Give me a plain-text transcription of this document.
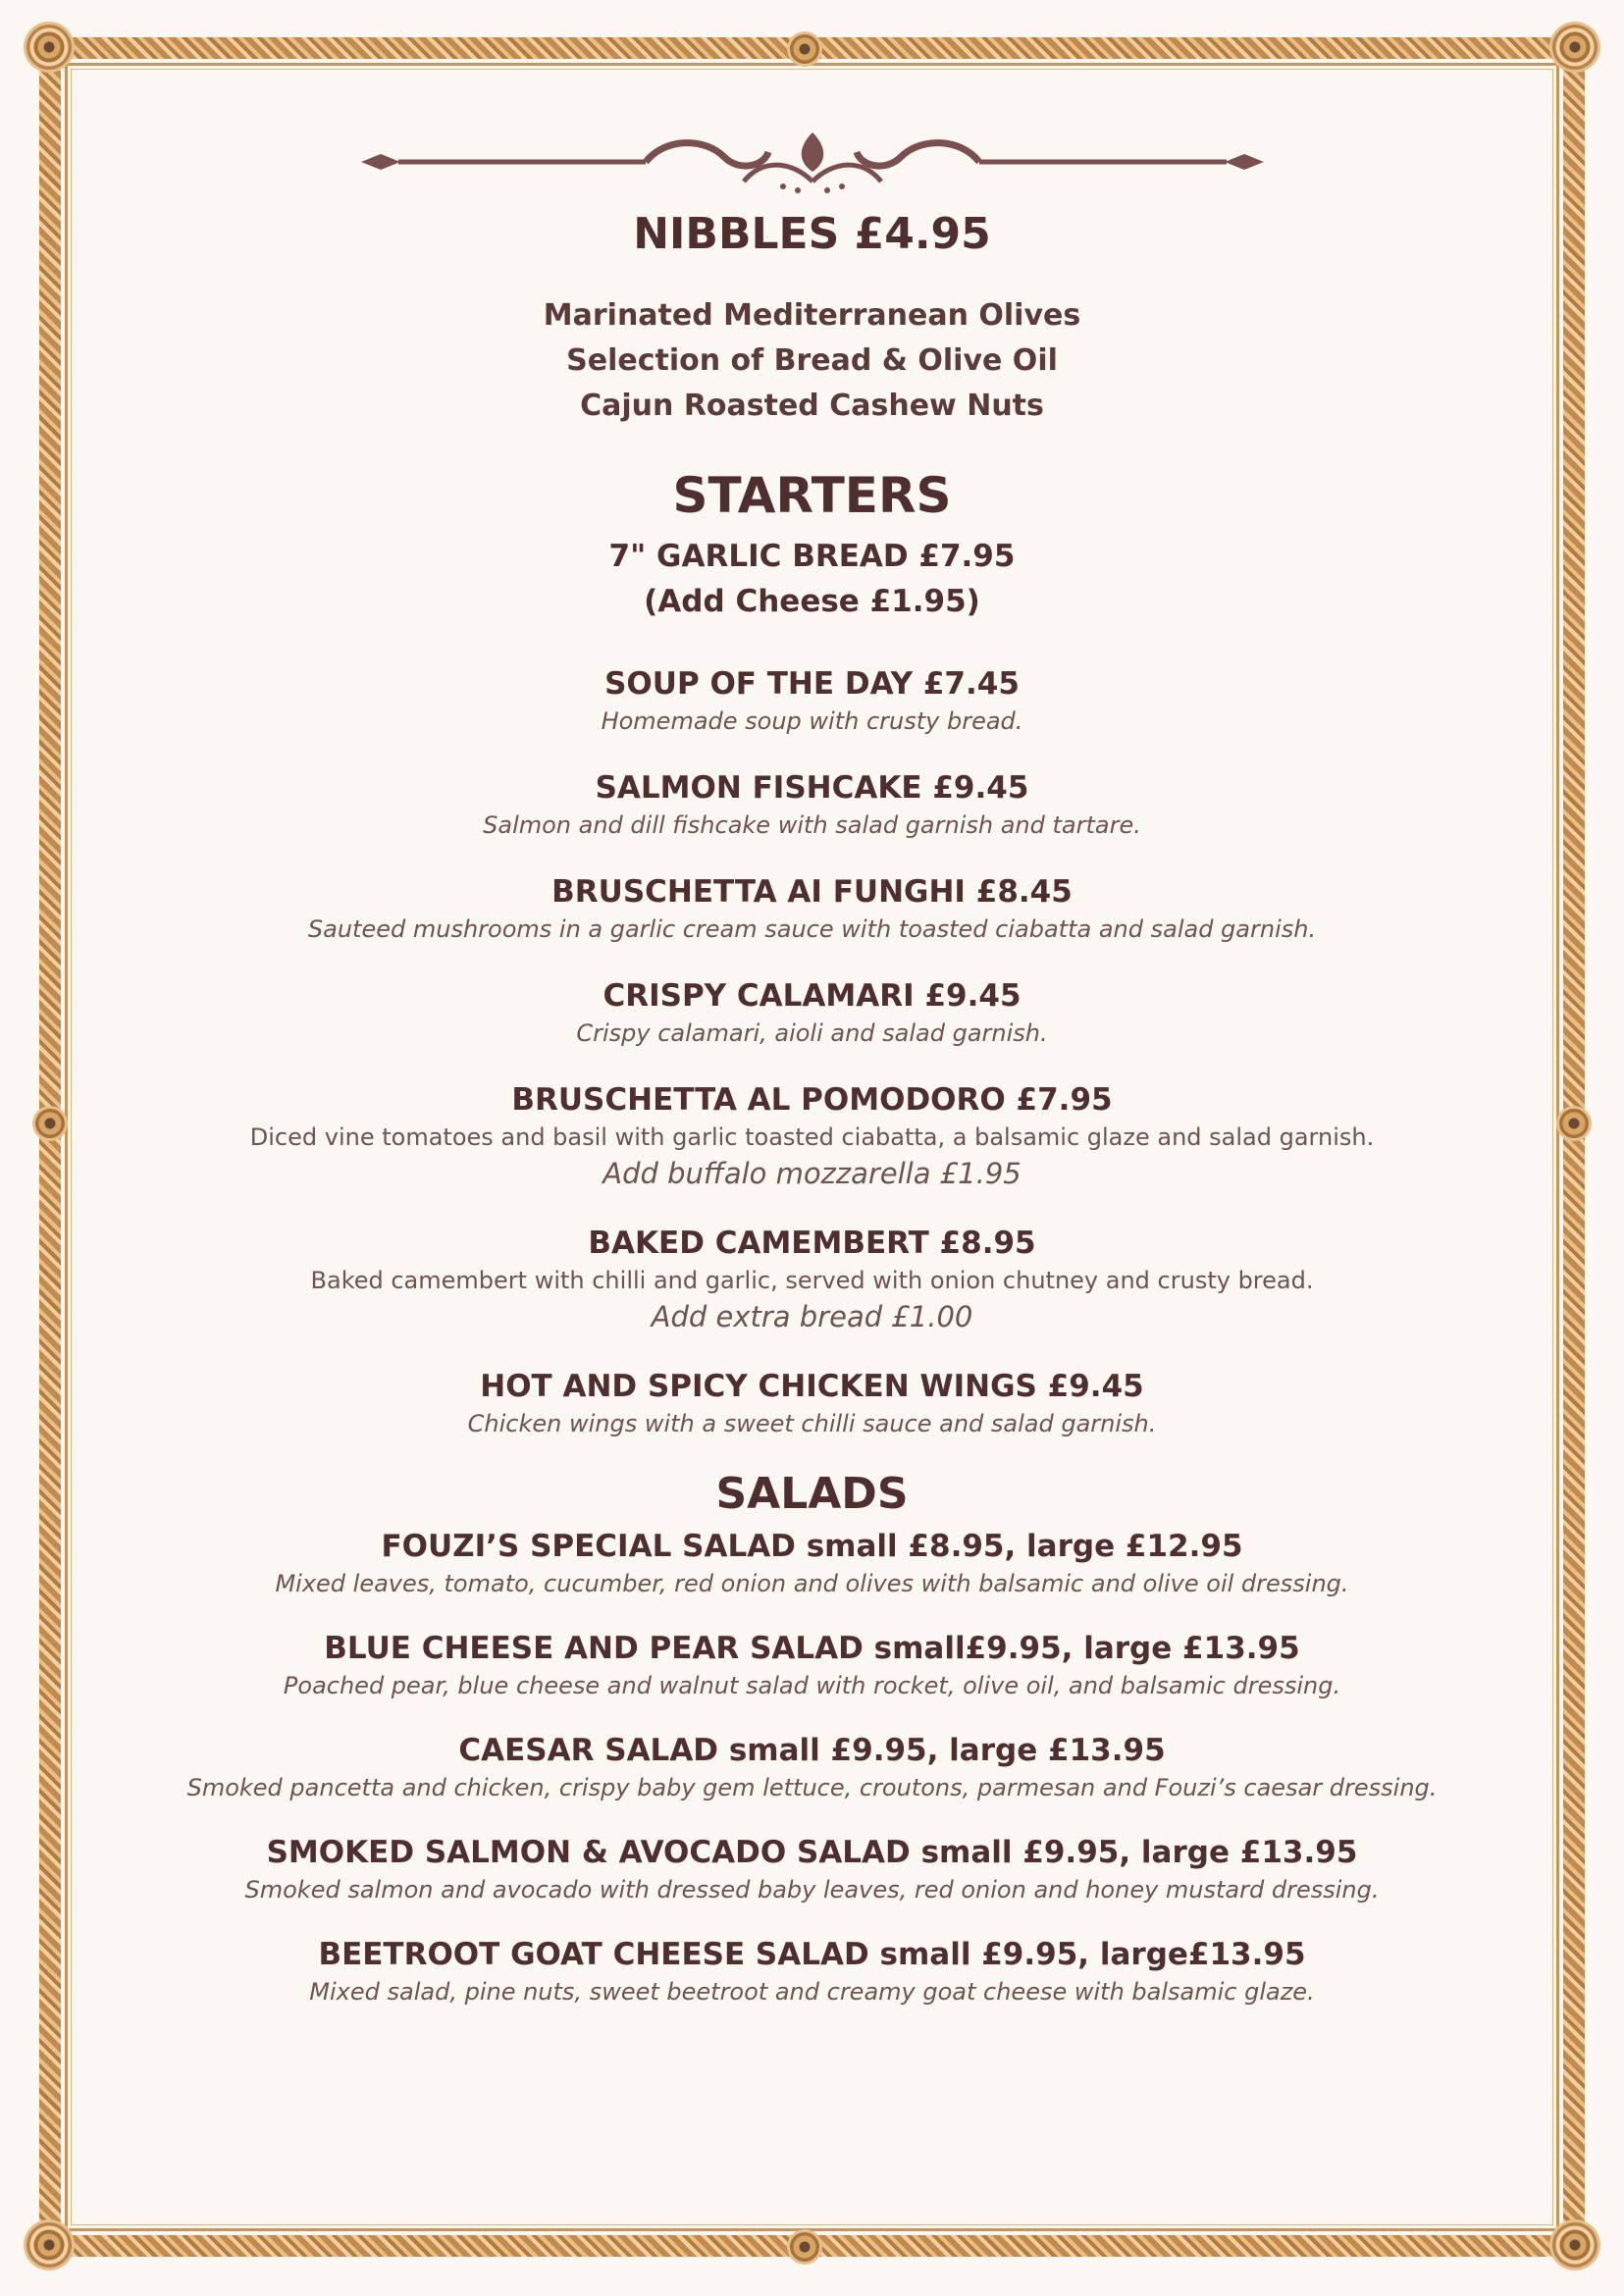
NIBBLES £4.95
Marinated Mediterranean Olives
Selection of Bread & Olive Oil
Cajun Roasted Cashew Nuts
STARTERS
7" GARLIC BREAD £7.95
(Add Cheese £1.95)
SOUP OF THE DAY £7.45
Homemade soup with crusty bread.
SALMON FISHCAKE £9.45
Salmon and dill fishcake with salad garnish and tartare.
BRUSCHETTA AI FUNGHI £8.45
Sauteed mushrooms in a garlic cream sauce with toasted ciabatta and salad garnish.
CRISPY CALAMARI £9.45
Crispy calamari, aioli and salad garnish.
BRUSCHETTA AL POMODORO £7.95
Diced vine tomatoes and basil with garlic toasted ciabatta, a balsamic glaze and salad garnish.
Add buffalo mozzarella £1.95
BAKED CAMEMBERT £8.95
Baked camembert with chilli and garlic, served with onion chutney and crusty bread.
Add extra bread £1.00
HOT AND SPICY CHICKEN WINGS £9.45
Chicken wings with a sweet chilli sauce and salad garnish.
SALADS
FOUZI’S SPECIAL SALAD small £8.95, large £12.95
Mixed leaves, tomato, cucumber, red onion and olives with balsamic and olive oil dressing.
BLUE CHEESE AND PEAR SALAD small£9.95, large £13.95
Poached pear, blue cheese and walnut salad with rocket, olive oil, and balsamic dressing.
CAESAR SALAD small £9.95, large £13.95
Smoked pancetta and chicken, crispy baby gem lettuce, croutons, parmesan and Fouzi’s caesar dressing.
SMOKED SALMON & AVOCADO SALAD small £9.95, large £13.95
Smoked salmon and avocado with dressed baby leaves, red onion and honey mustard dressing.
BEETROOT GOAT CHEESE SALAD small £9.95, large£13.95
Mixed salad, pine nuts, sweet beetroot and creamy goat cheese with balsamic glaze.
